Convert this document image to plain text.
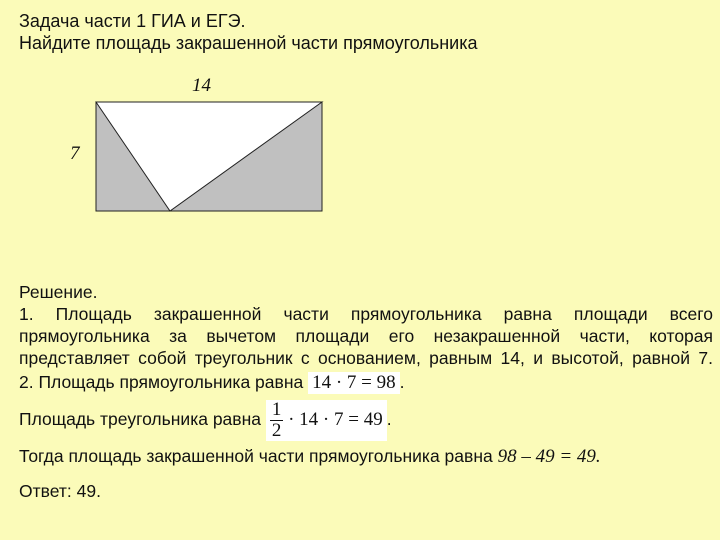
Задача части 1 ГИА и ЕГЭ.
Найдите площадь закрашенной части прямоугольника
14
7
Решение.
1. Площадь закрашенной части прямоугольника равна площади всего прямоугольника за вычетом площади его незакрашенной части, которая представляет собой треугольник с основанием, равным 14, и высотой, равной 7.
2. Площадь прямоугольника равна 14 · 7 = 98 .
Площадь треугольника равна $\frac{1}{2} \cdot 14 \cdot 7 = 49$ .
Тогда площадь закрашенной части прямоугольника равна 98 – 49 = 49.
Ответ: 49.
